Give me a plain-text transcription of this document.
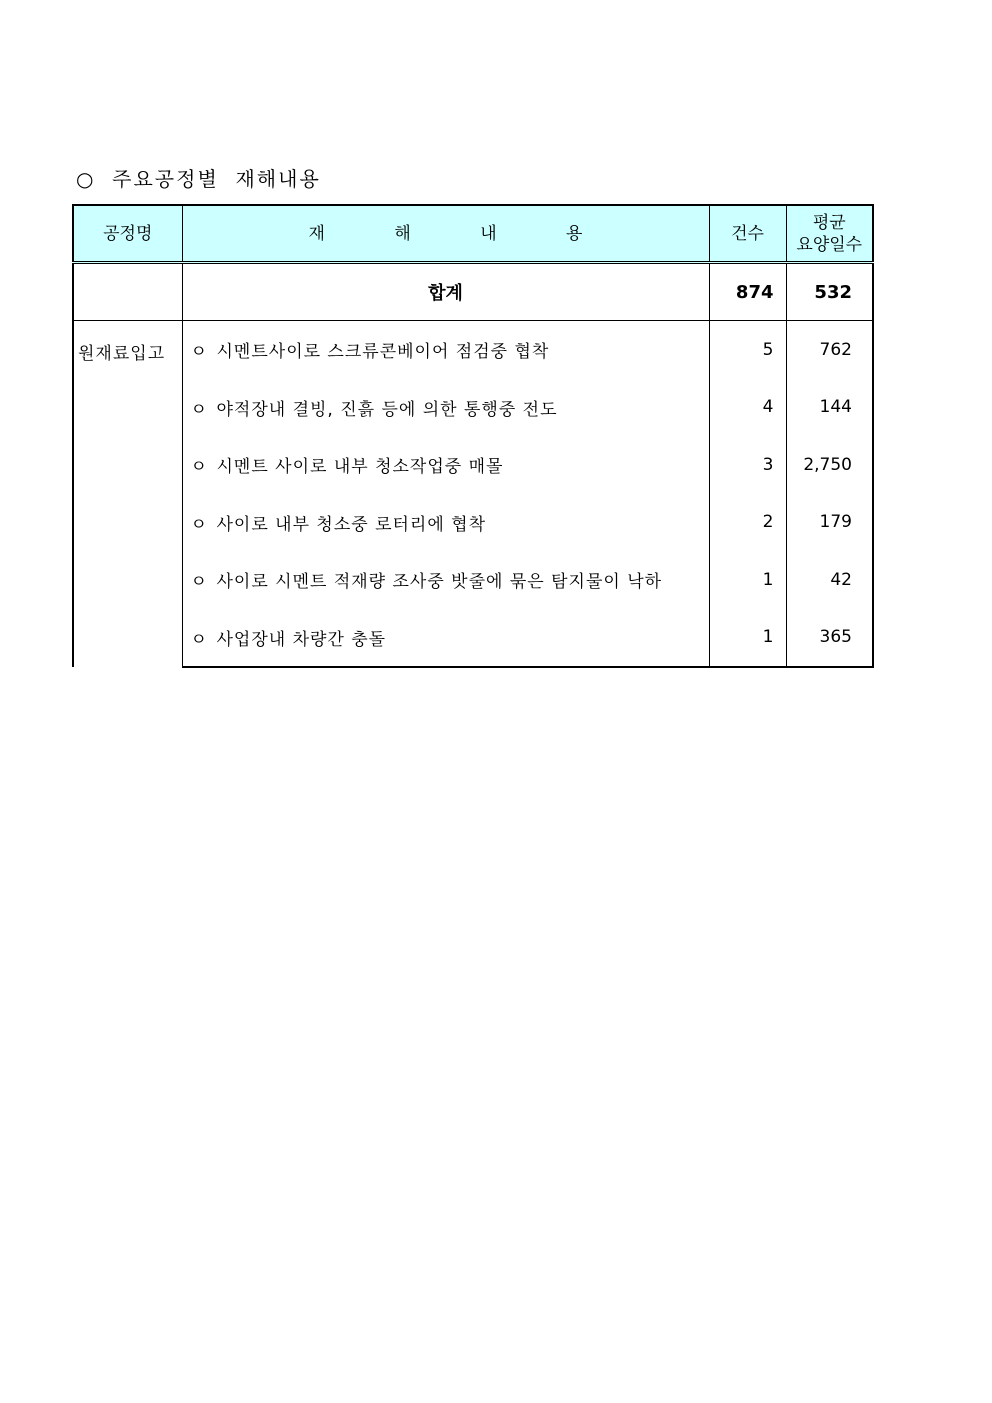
○  주요공정별  재해내용
공정명	재 해 내 용	건수	평균
요양일수

	합계	874	532
원재료입고	ㅇ 시멘트사이로 스크류콘베이어 점검중 협착	5	762
	ㅇ 야적장내 결빙, 진흙 등에 의한 통행중 전도	4	144
	ㅇ 시멘트 사이로 내부 청소작업중 매몰	3	2,750
	ㅇ 사이로 내부 청소중 로터리에 협착	2	179
	ㅇ 사이로 시멘트 적재량 조사중 밧줄에 묶은 탐지물이 낙하	1	42
	ㅇ 사업장내 차량간 충돌	1	365
